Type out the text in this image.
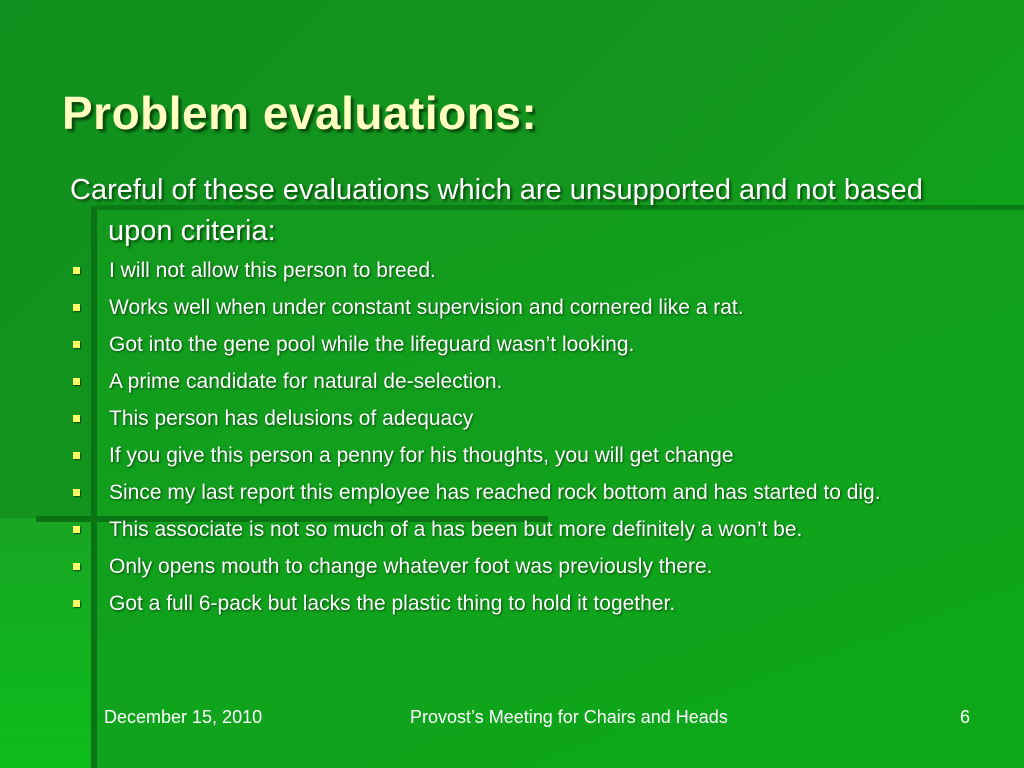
Problem evaluations:
Careful of these evaluations which are unsupported and not based upon criteria:
I will not allow this person to breed.
Works well when under constant supervision and cornered like a rat.
Got into the gene pool while the lifeguard wasn’t looking.
A prime candidate for natural de-selection.
This person has delusions of adequacy
If you give this person a penny for his thoughts, you will get change
Since my last report this employee has reached rock bottom and has started to dig.
This associate is not so much of a has been but more definitely a won’t be.
Only opens mouth to change whatever foot was previously there.
Got a full 6-pack but lacks the plastic thing to hold it together.
December 15, 2010	Provost’s Meeting for Chairs and Heads	6
